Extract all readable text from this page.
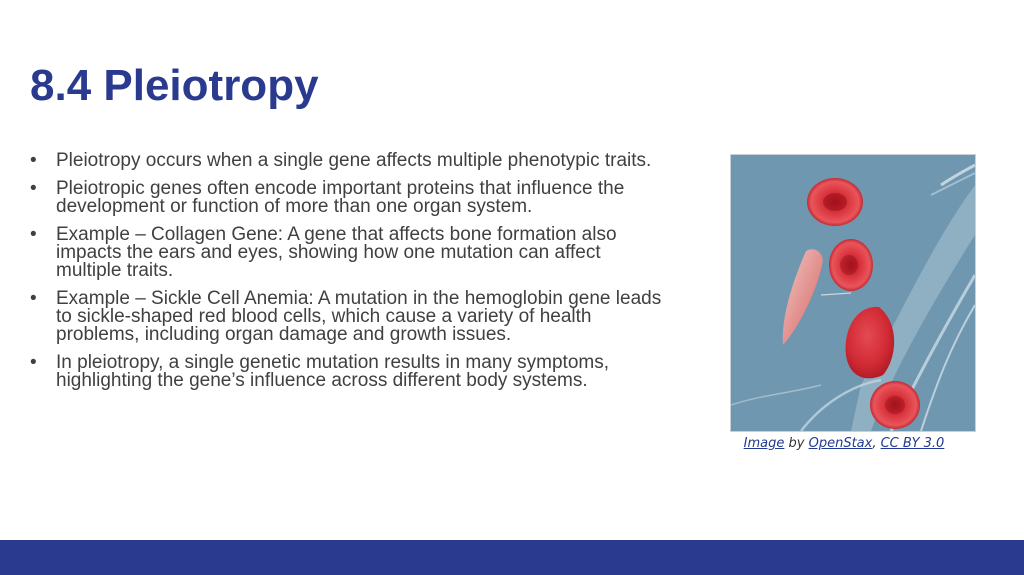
8.4 Pleiotropy
• Pleiotropy occurs when a single gene affects multiple phenotypic traits.
• Pleiotropic genes often encode important proteins that influence the development or function of more than one organ system.
• Example – Collagen Gene: A gene that affects bone formation also impacts the ears and eyes, showing how one mutation can affect multiple traits.
• Example – Sickle Cell Anemia: A mutation in the hemoglobin gene leads to sickle-shaped red blood cells, which cause a variety of health problems, including organ damage and growth issues.
• In pleiotropy, a single genetic mutation results in many symptoms, highlighting the gene’s influence across different body systems.
Image by OpenStax, CC BY 3.0
